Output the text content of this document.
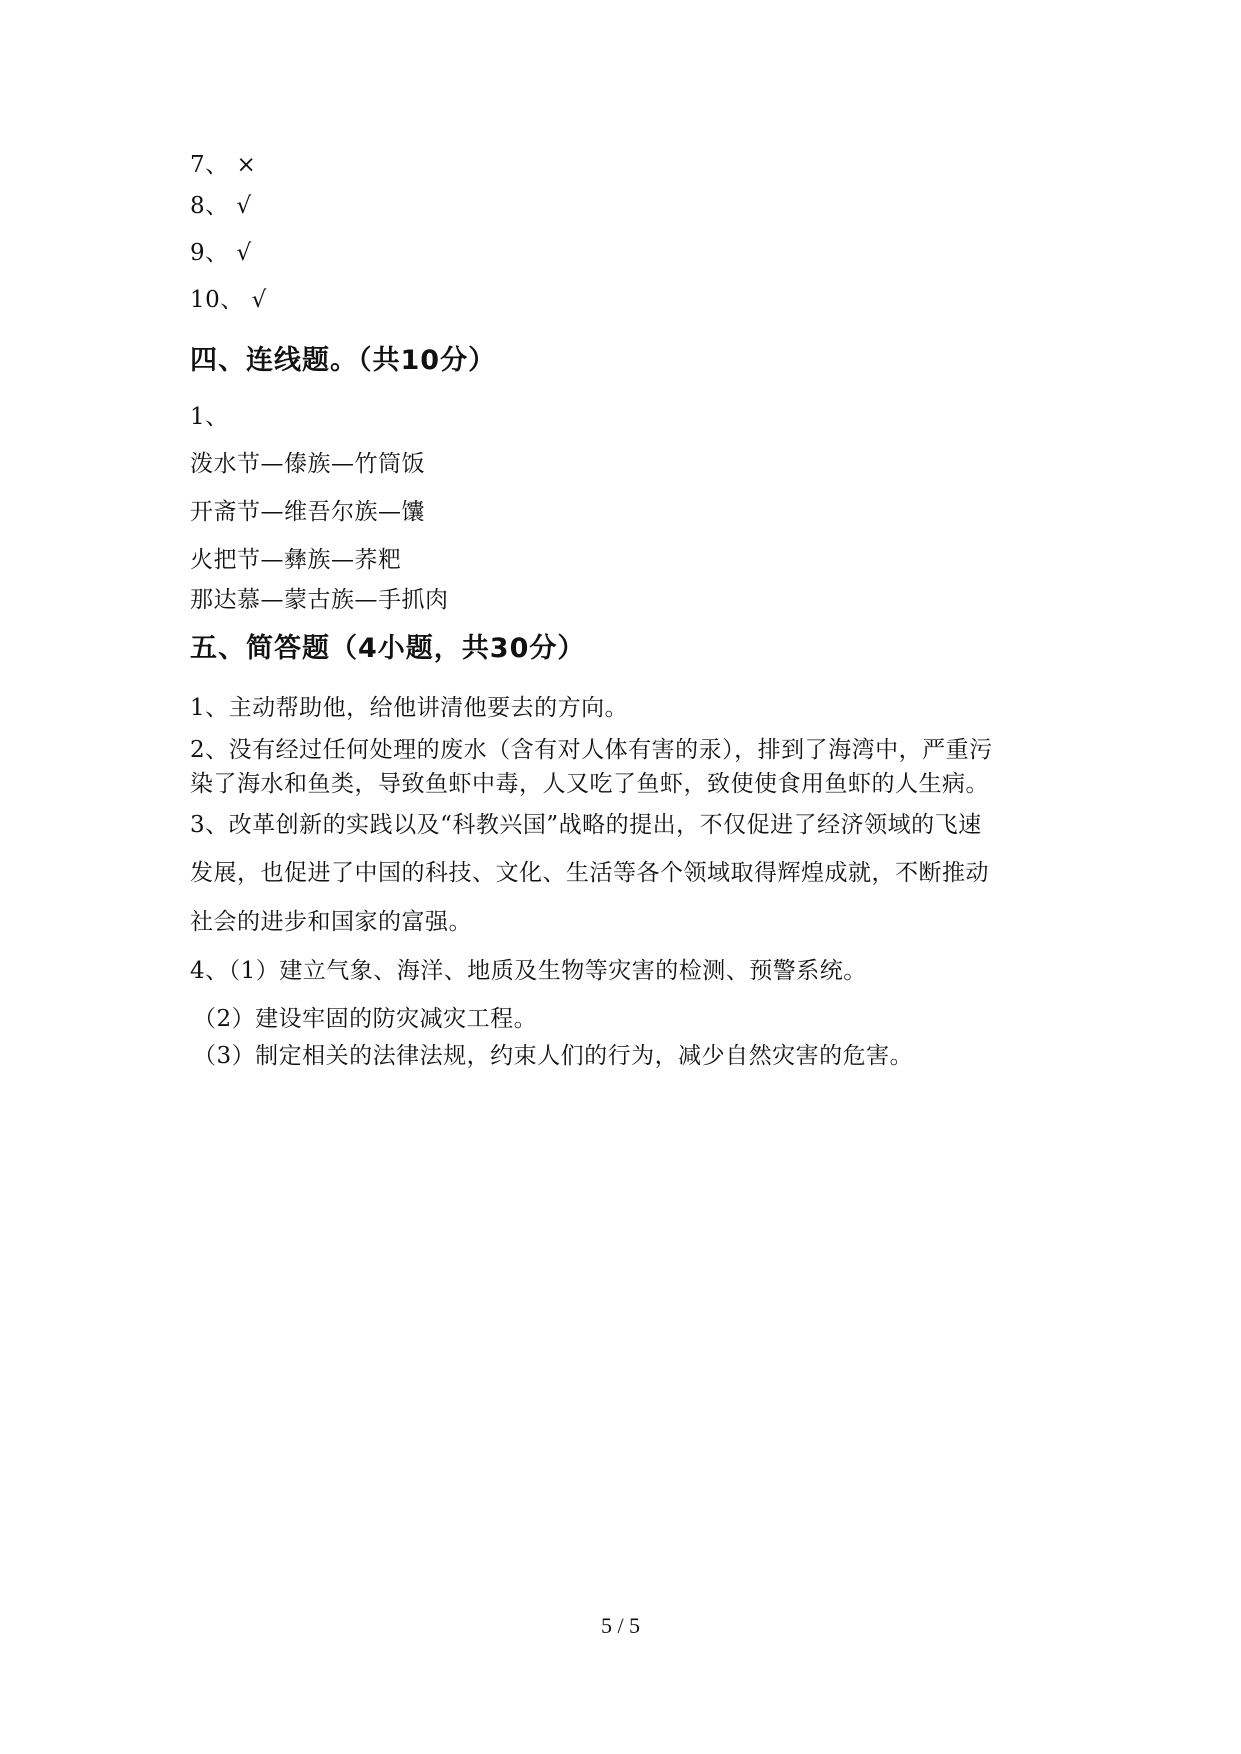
7、 ×
8、 √
9、 √
10、 √
四、连线题。（共10分）
1、
泼水节—傣族—竹筒饭
开斋节—维吾尔族—馕
火把节—彝族—荞粑
那达慕—蒙古族—手抓肉
五、简答题（4小题，共30分）
1、主动帮助他，给他讲清他要去的方向。
2、没有经过任何处理的废水（含有对人体有害的汞），排到了海湾中，严重污
染了海水和鱼类，导致鱼虾中毒，人又吃了鱼虾，致使使食用鱼虾的人生病。
3、改革创新的实践以及“科教兴国”战略的提出，不仅促进了经济领域的飞速
发展，也促进了中国的科技、文化、生活等各个领域取得辉煌成就，不断推动
社会的进步和国家的富强。
4、（1）建立气象、海洋、地质及生物等灾害的检测、预警系统。
（2）建设牢固的防灾减灾工程。
（3）制定相关的法律法规，约束人们的行为，减少自然灾害的危害。
5 / 5
